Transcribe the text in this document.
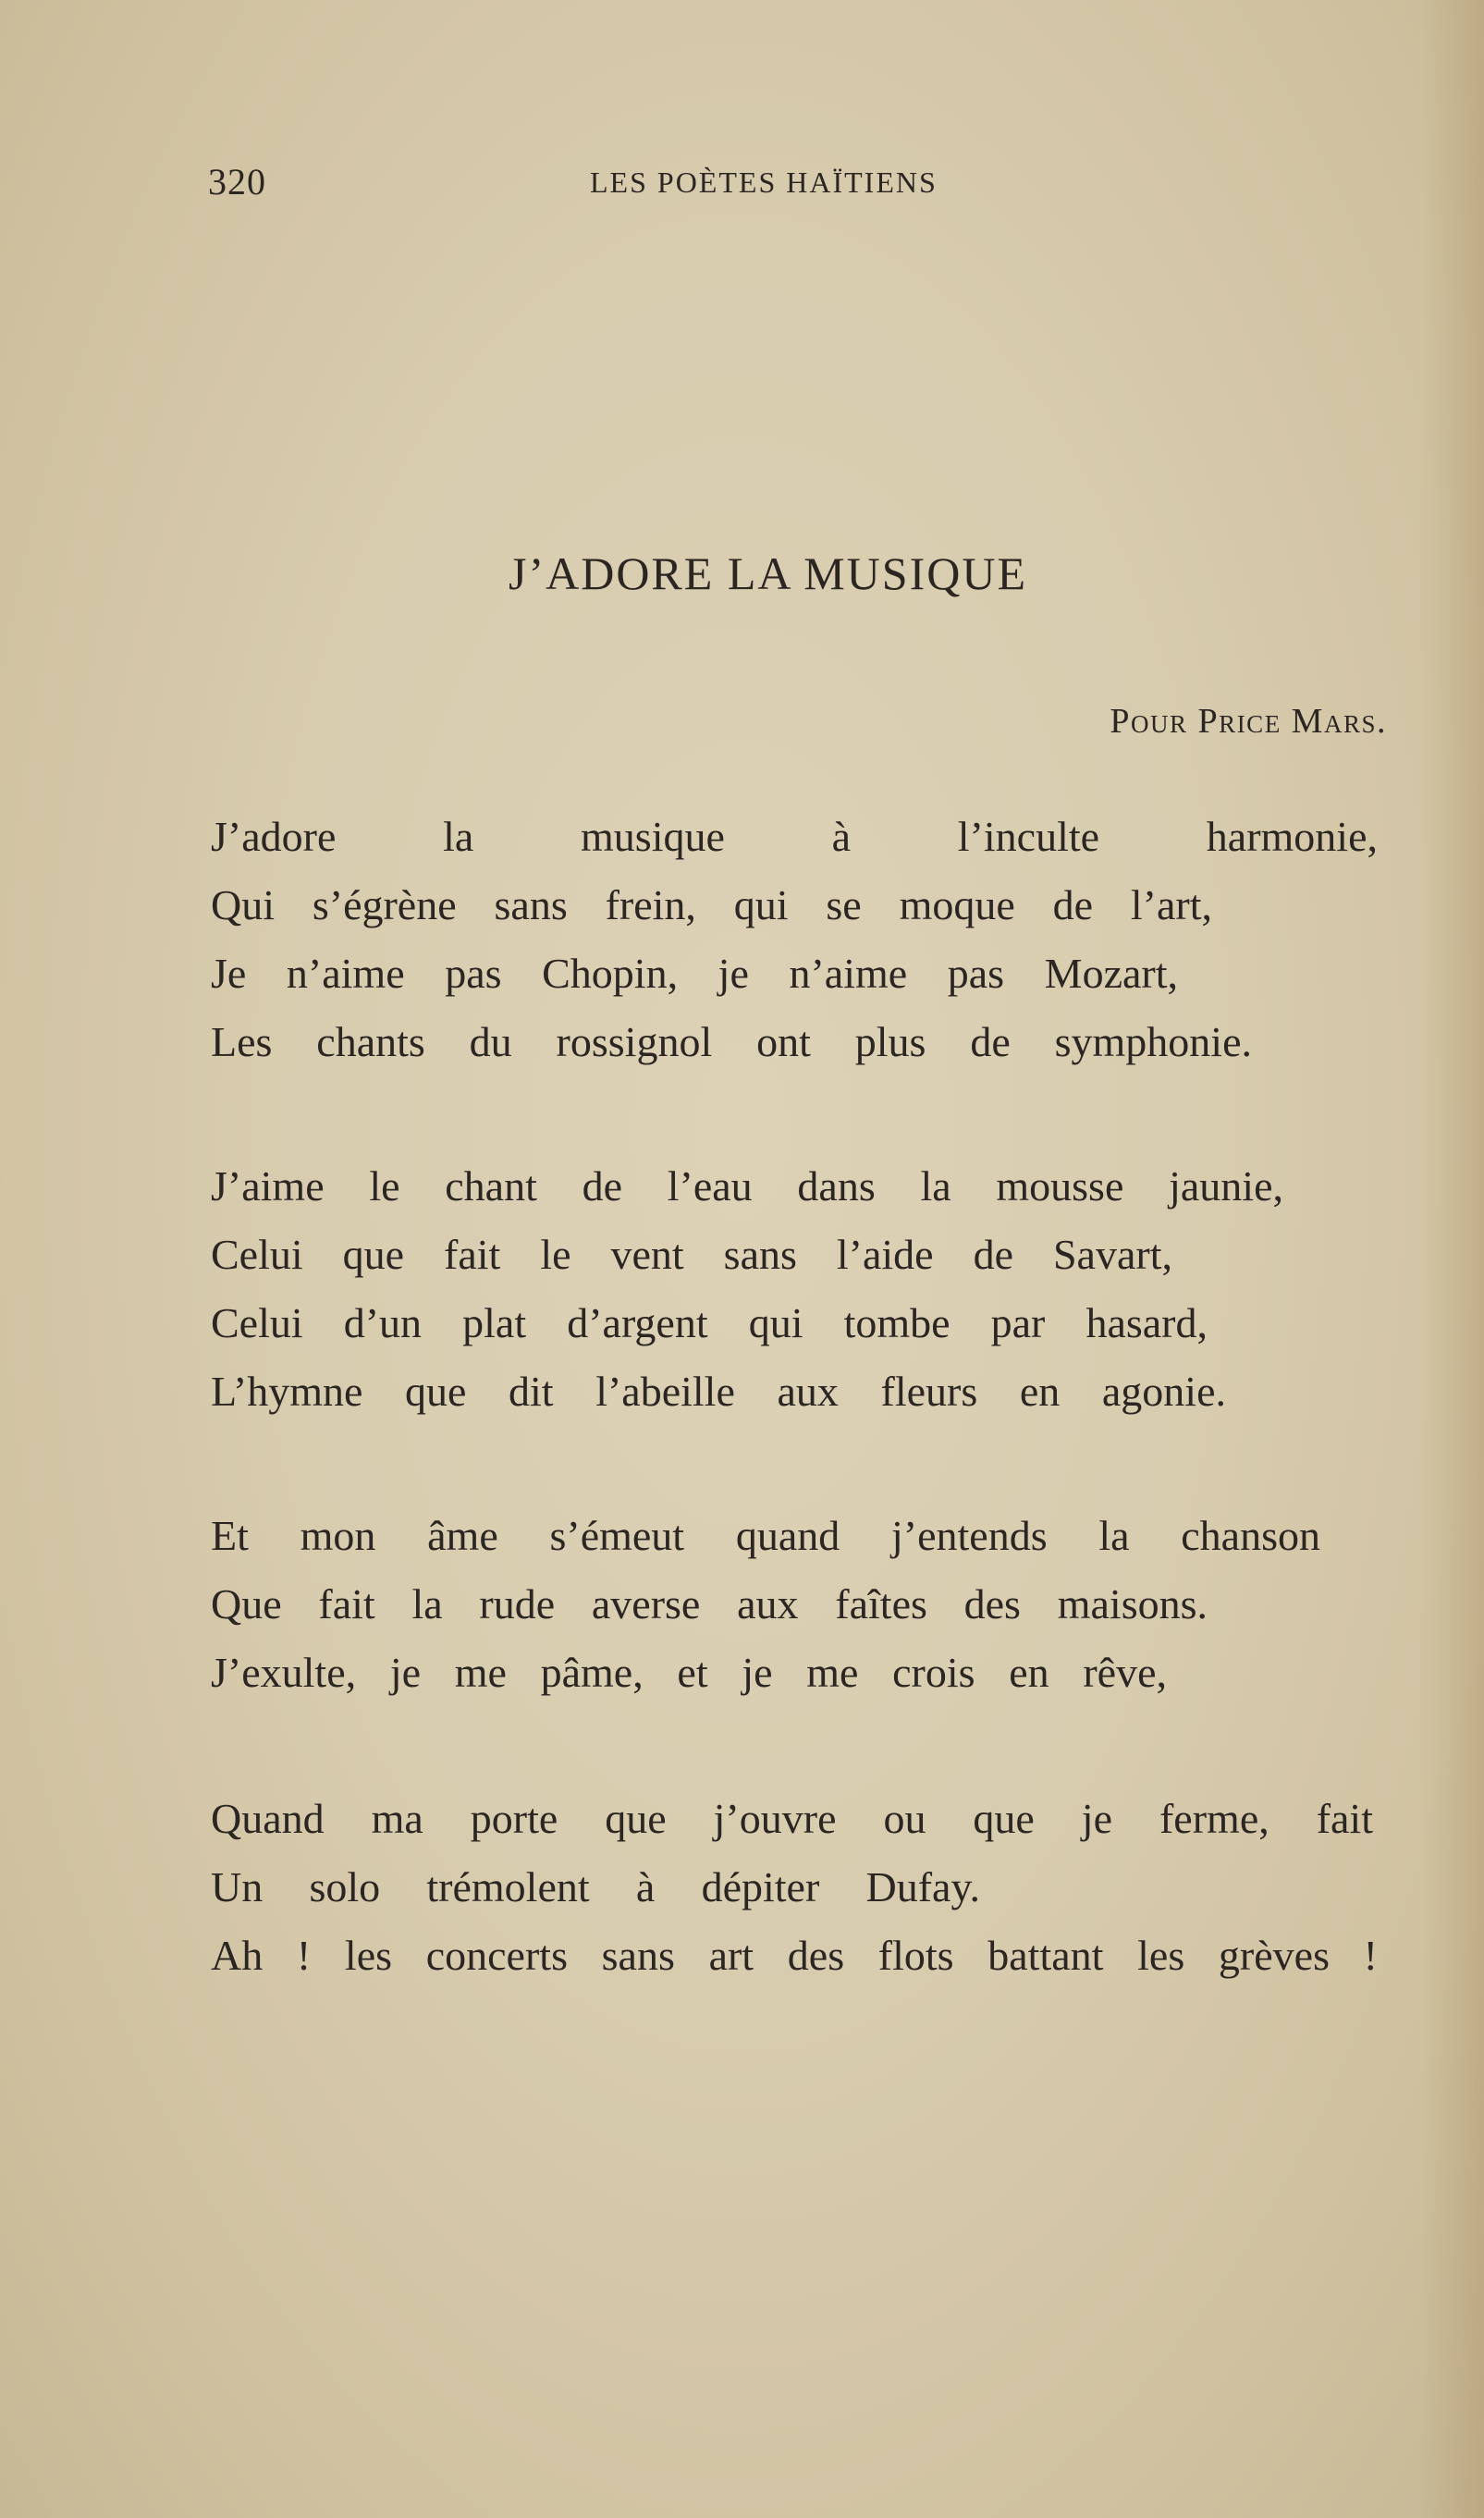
320	LES POÈTES HAÏTIENS
J’ADORE LA MUSIQUE
Pour Price Mars.
J’adore la musique à l’inculte harmonie,
Qui s’égrène sans frein, qui se moque de l’art,
Je n’aime pas Chopin, je n’aime pas Mozart,
Les chants du rossignol ont plus de symphonie.
J’aime le chant de l’eau dans la mousse jaunie,
Celui que fait le vent sans l’aide de Savart,
Celui d’un plat d’argent qui tombe par hasard,
L’hymne que dit l’abeille aux fleurs en agonie.
Et mon âme s’émeut quand j’entends la chanson
Que fait la rude averse aux faîtes des maisons.
J’exulte, je me pâme, et je me crois en rêve,
Quand ma porte que j’ouvre ou que je ferme, fait
Un solo trémolent à dépiter Dufay.
Ah ! les concerts sans art des flots battant les grèves !
